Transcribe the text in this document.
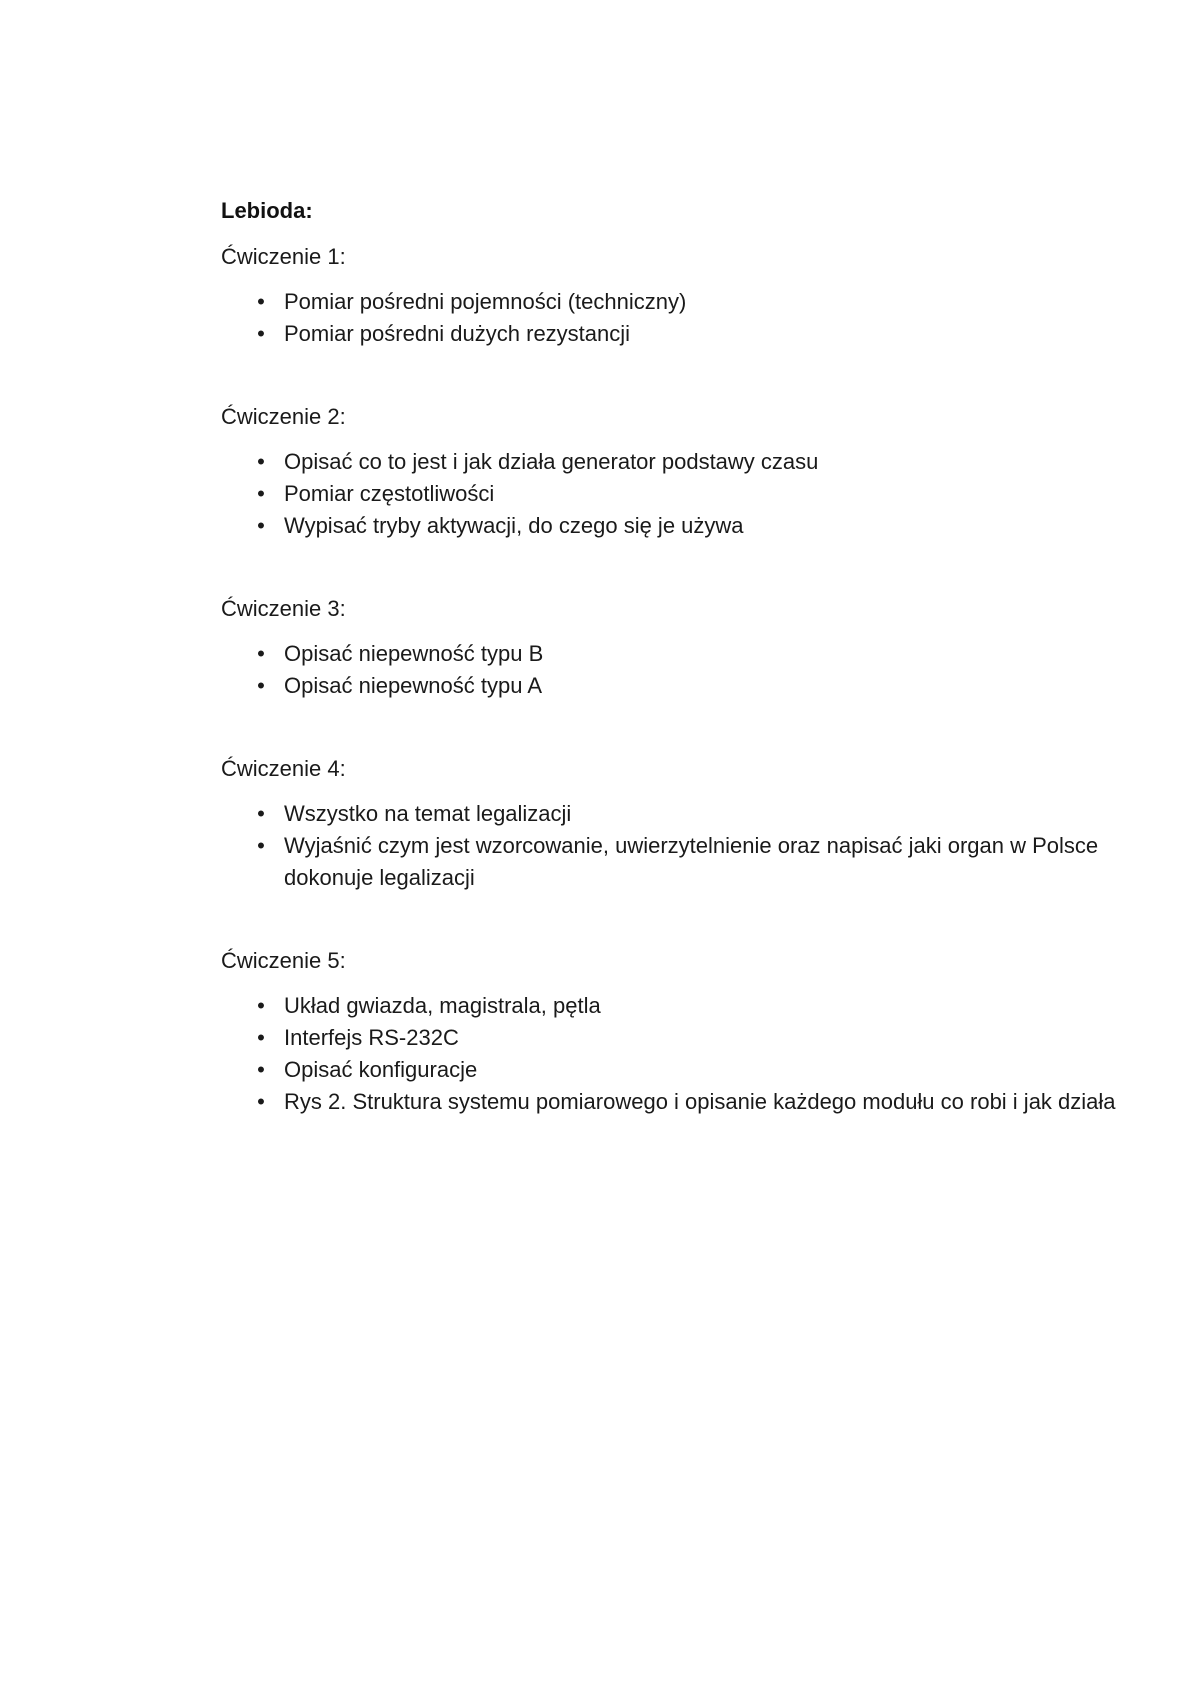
Lebioda:
Ćwiczenie 1:
• Pomiar pośredni pojemności (techniczny)
• Pomiar pośredni dużych rezystancji
Ćwiczenie 2:
• Opisać co to jest i jak działa generator podstawy czasu
• Pomiar częstotliwości
• Wypisać tryby aktywacji, do czego się je używa
Ćwiczenie 3:
• Opisać niepewność typu B
• Opisać niepewność typu A
Ćwiczenie 4:
• Wszystko na temat legalizacji
• Wyjaśnić czym jest wzorcowanie, uwierzytelnienie oraz napisać jaki organ w Polsce dokonuje legalizacji
Ćwiczenie 5:
• Układ gwiazda, magistrala, pętla
• Interfejs RS-232C
• Opisać konfiguracje
• Rys 2. Struktura systemu pomiarowego i opisanie każdego modułu co robi i jak działa
